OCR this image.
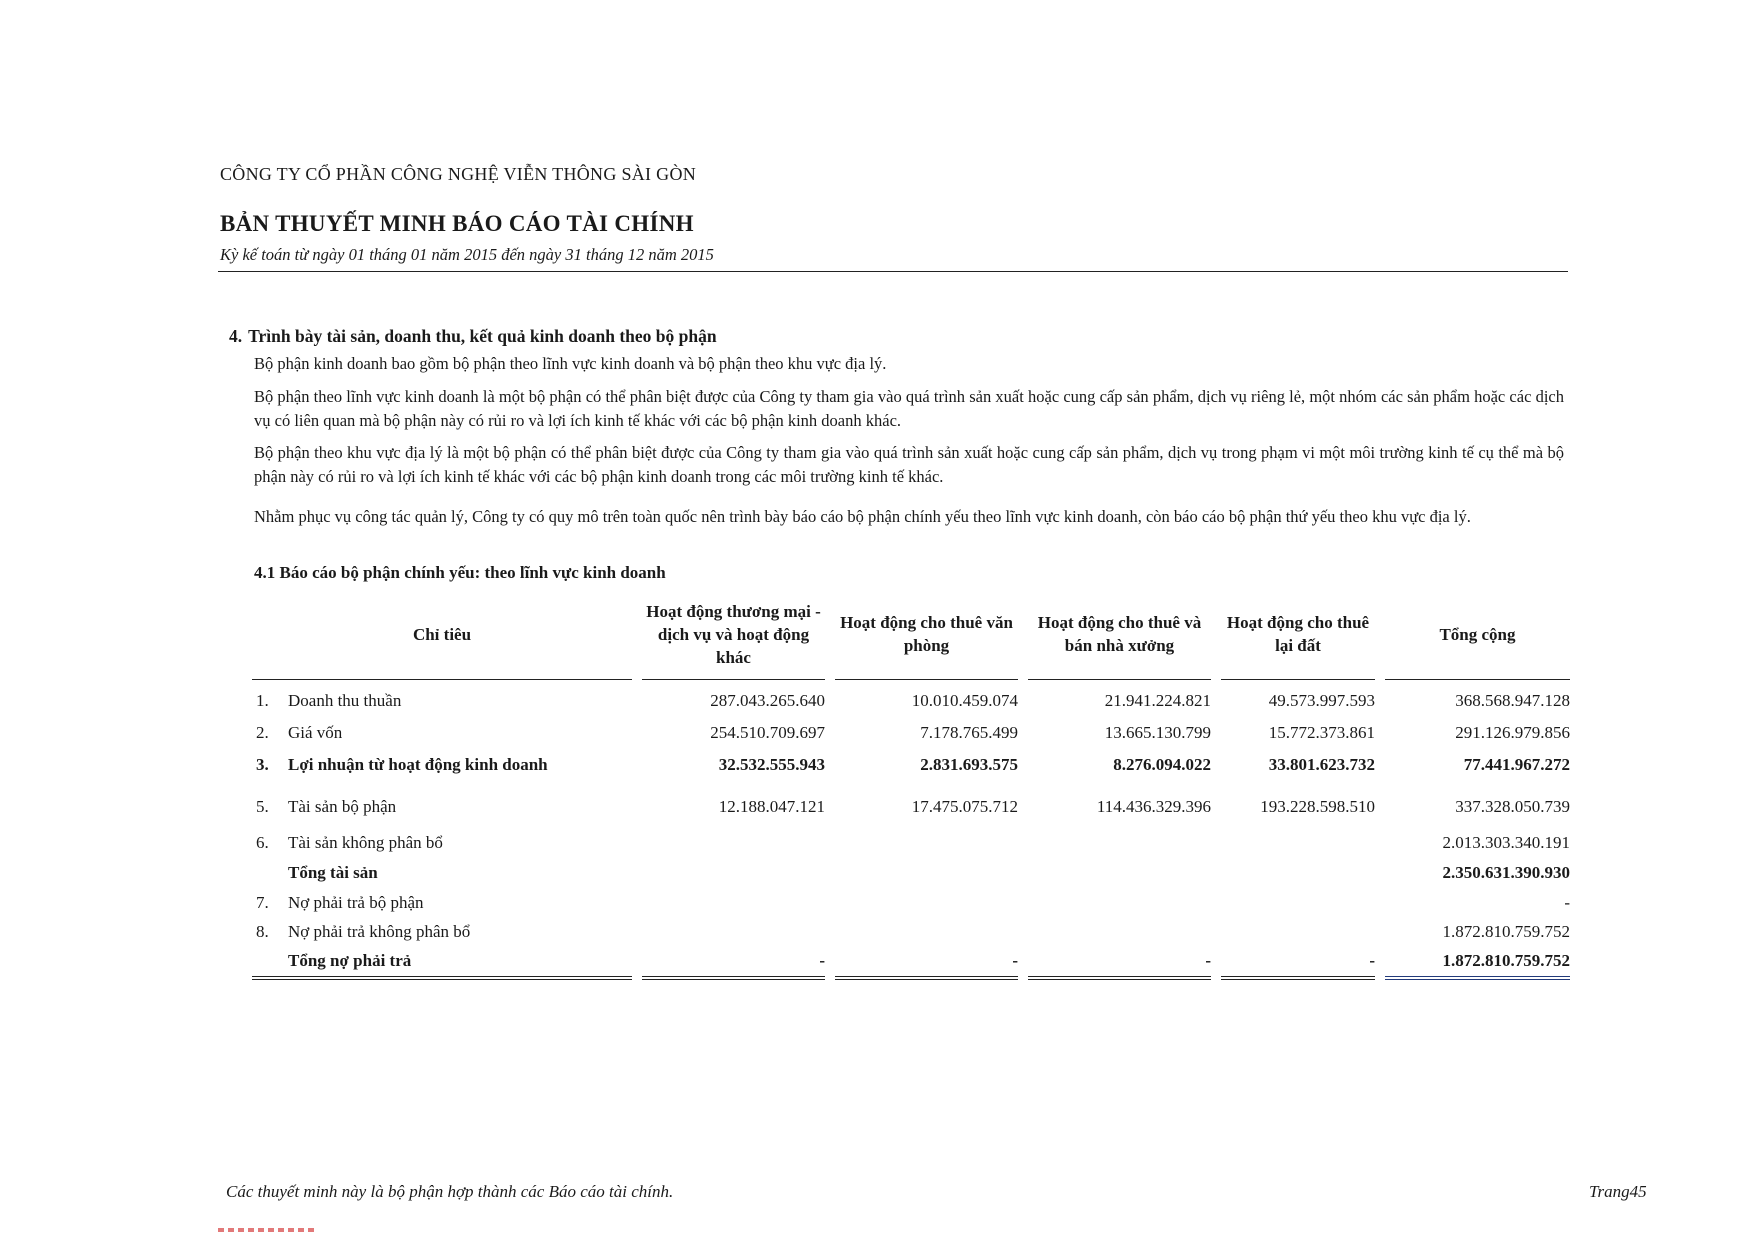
CÔNG TY CỔ PHẦN CÔNG NGHỆ VIỄN THÔNG SÀI GÒN
BẢN THUYẾT MINH BÁO CÁO TÀI CHÍNH
Kỳ kế toán từ ngày 01 tháng 01 năm 2015 đến ngày 31 tháng 12 năm 2015
4. Trình bày tài sản, doanh thu, kết quả kinh doanh theo bộ phận
Bộ phận kinh doanh bao gồm bộ phận theo lĩnh vực kinh doanh và bộ phận theo khu vực địa lý.
Bộ phận theo lĩnh vực kinh doanh là một bộ phận có thể phân biệt được của Công ty tham gia vào quá trình sản xuất hoặc cung cấp sản phẩm, dịch vụ riêng lẻ, một nhóm các sản phẩm hoặc các dịch vụ có liên quan mà bộ phận này có rủi ro và lợi ích kinh tế khác với các bộ phận kinh doanh khác.
Bộ phận theo khu vực địa lý là một bộ phận có thể phân biệt được của Công ty tham gia vào quá trình sản xuất hoặc cung cấp sản phẩm, dịch vụ trong phạm vi một môi trường kinh tế cụ thể mà bộ phận này có rủi ro và lợi ích kinh tế khác với các bộ phận kinh doanh trong các môi trường kinh tế khác.
Nhằm phục vụ công tác quản lý, Công ty có quy mô trên toàn quốc nên trình bày báo cáo bộ phận chính yếu theo lĩnh vực kinh doanh, còn báo cáo bộ phận thứ yếu theo khu vực địa lý.
4.1 Báo cáo bộ phận chính yếu: theo lĩnh vực kinh doanh
Chỉ tiêu		Hoạt động thương mại - dịch vụ và hoạt động khác		Hoạt động cho thuê văn phòng		Hoạt động cho thuê và bán nhà xưởng		Hoạt động cho thuê lại đất		Tổng cộng
1. Doanh thu thuần		287.043.265.640		10.010.459.074		21.941.224.821		49.573.997.593		368.568.947.128
2. Giá vốn		254.510.709.697		7.178.765.499		13.665.130.799		15.772.373.861		291.126.979.856
3. Lợi nhuận từ hoạt động kinh doanh		32.532.555.943		2.831.693.575		8.276.094.022		33.801.623.732		77.441.967.272
5. Tài sản bộ phận		12.188.047.121		17.475.075.712		114.436.329.396		193.228.598.510		337.328.050.739
6. Tài sản không phân bổ										2.013.303.340.191
Tổng tài sản										2.350.631.390.930
7. Nợ phải trả bộ phận										-
8. Nợ phải trả không phân bổ										1.872.810.759.752
Tổng nợ phải trả		-		-		-		-		1.872.810.759.752
Các thuyết minh này là bộ phận hợp thành các Báo cáo tài chính.	Trang45
